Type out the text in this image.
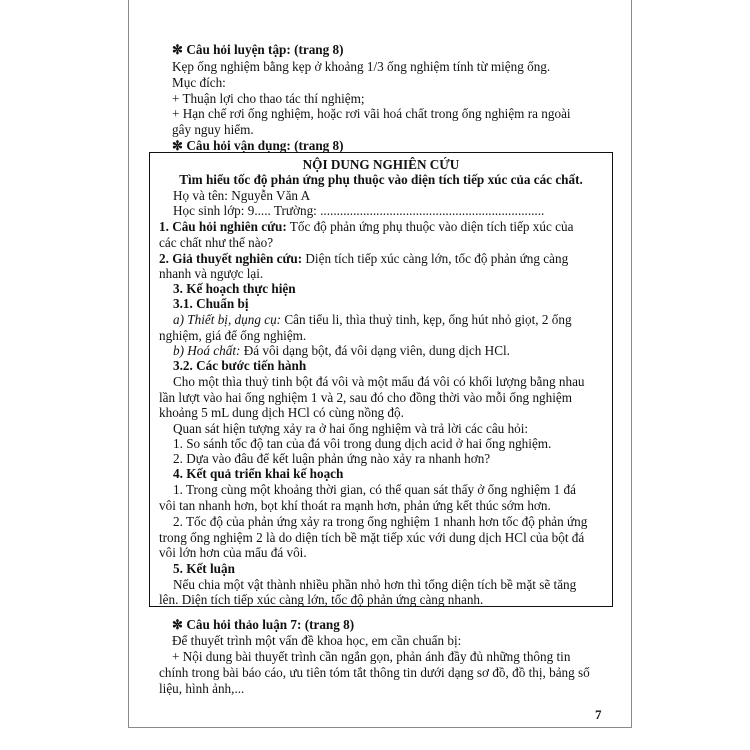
✼ Câu hỏi luyện tập: (trang 8)
Kẹp ống nghiệm bằng kẹp ở khoảng 1/3 ống nghiệm tính từ miệng ống.
Mục đích:
+ Thuận lợi cho thao tác thí nghiệm;
+ Hạn chế rơi ống nghiệm, hoặc rơi vãi hoá chất trong ống nghiệm ra ngoài
gây nguy hiểm.
✼ Câu hỏi vận dụng: (trang 8)
NỘI DUNG NGHIÊN CỨU
Tìm hiểu tốc độ phản ứng phụ thuộc vào diện tích tiếp xúc của các chất.
Họ và tên: Nguyễn Văn A
Học sinh lớp: 9..... Trường: ....................................................................
1. Câu hỏi nghiên cứu: Tốc độ phản ứng phụ thuộc vào diện tích tiếp xúc của
các chất như thế nào?
2. Giả thuyết nghiên cứu: Diện tích tiếp xúc càng lớn, tốc độ phản ứng càng
nhanh và ngược lại.
3. Kế hoạch thực hiện
3.1. Chuẩn bị
a) Thiết bị, dụng cụ: Cân tiểu li, thìa thuỷ tinh, kẹp, ống hút nhỏ giọt, 2 ống
nghiệm, giá để ống nghiệm.
b) Hoá chất: Đá vôi dạng bột, đá vôi dạng viên, dung dịch HCl.
3.2. Các bước tiến hành
Cho một thìa thuỷ tinh bột đá vôi và một mẩu đá vôi có khối lượng bằng nhau
lần lượt vào hai ống nghiệm 1 và 2, sau đó cho đồng thời vào mỗi ống nghiệm
khoảng 5 mL dung dịch HCl có cùng nồng độ.
Quan sát hiện tượng xảy ra ở hai ống nghiệm và trả lời các câu hỏi:
1. So sánh tốc độ tan của đá vôi trong dung dịch acid ở hai ống nghiệm.
2. Dựa vào đâu để kết luận phản ứng nào xảy ra nhanh hơn?
4. Kết quả triển khai kế hoạch
1. Trong cùng một khoảng thời gian, có thể quan sát thấy ở ống nghiệm 1 đá
vôi tan nhanh hơn, bọt khí thoát ra mạnh hơn, phản ứng kết thúc sớm hơn.
2. Tốc độ của phản ứng xảy ra trong ống nghiệm 1 nhanh hơn tốc độ phản ứng
trong ống nghiệm 2 là do diện tích bề mặt tiếp xúc với dung dịch HCl của bột đá
vôi lớn hơn của mẩu đá vôi.
5. Kết luận
Nếu chia một vật thành nhiều phần nhỏ hơn thì tổng diện tích bề mặt sẽ tăng
lên. Diện tích tiếp xúc càng lớn, tốc độ phản ứng càng nhanh.
✼ Câu hỏi thảo luận 7: (trang 8)
Để thuyết trình một vấn đề khoa học, em cần chuẩn bị:
+ Nội dung bài thuyết trình cần ngắn gọn, phản ánh đầy đủ những thông tin
chính trong bài báo cáo, ưu tiên tóm tắt thông tin dưới dạng sơ đồ, đồ thị, bảng số
liệu, hình ảnh,...
7
